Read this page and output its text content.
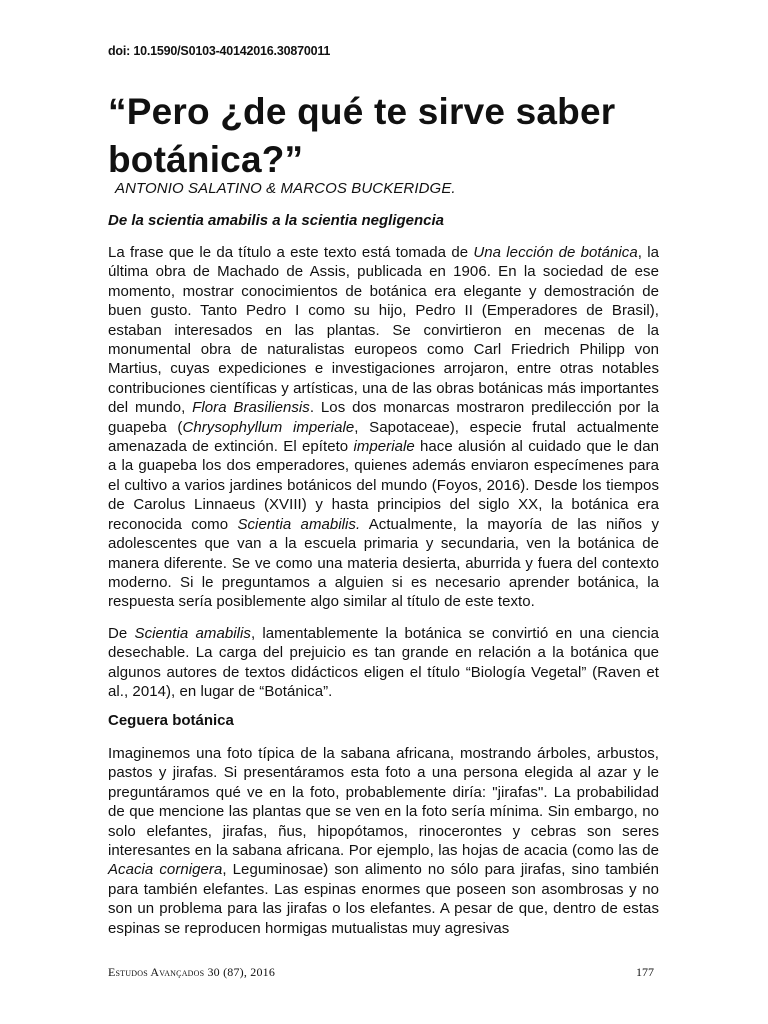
doi: 10.1590/S0103-40142016.30870011
“Pero ¿de qué te sirve saber botánica?”
ANTONIO SALATINO & MARCOS BUCKERIDGE.
De la scientia amabilis a la scientia negligencia

La frase que le da título a este texto está tomada de Una lección de botánica, la última obra de Machado de Assis, publicada en 1906. En la sociedad de ese momento, mostrar conocimientos de botánica era elegante y demostración de buen gusto. Tanto Pedro I como su hijo, Pedro II (Emperadores de Brasil), estaban interesados en las plantas. Se convirtieron en mecenas de la monumental obra de naturalistas europeos como Carl Friedrich Philipp von Martius, cuyas expediciones e investigaciones arrojaron, entre otras notables contribuciones científicas y artísticas, una de las obras botánicas más importantes del mundo, Flora Brasiliensis. Los dos monarcas mostraron predilección por la guapeba (Chrysophyllum imperiale, Sapotaceae), especie frutal actualmente amenazada de extinción. El epíteto imperiale hace alusión al cuidado que le dan a la guapeba los dos emperadores, quienes además enviaron especímenes para el cultivo a varios jardines botánicos del mundo (Foyos, 2016). Desde los tiempos de Carolus Linnaeus (XVIII) y hasta principios del siglo XX, la botánica era reconocida como Scientia amabilis. Actualmente, la mayoría de las niños y adolescentes que van a la escuela primaria y secundaria, ven la botánica de manera diferente. Se ve como una materia desierta, aburrida y fuera del contexto moderno. Si le preguntamos a alguien si es necesario aprender botánica, la respuesta sería posiblemente algo similar al título de este texto.

De Scientia amabilis, lamentablemente la botánica se convirtió en una ciencia desechable. La carga del prejuicio es tan grande en relación a la botánica que algunos autores de textos didácticos eligen el título “Biología Vegetal” (Raven et al., 2014), en lugar de “Botánica”.

Ceguera botánica

Imaginemos una foto típica de la sabana africana, mostrando árboles, arbustos, pastos y jirafas. Si presentáramos esta foto a una persona elegida al azar y le preguntáramos qué ve en la foto, probablemente diría: "jirafas". La probabilidad de que mencione las plantas que se ven en la foto sería mínima. Sin embargo, no solo elefantes, jirafas, ñus, hipopótamos, rinocerontes y cebras son seres interesantes en la sabana africana. Por ejemplo, las hojas de acacia (como las de Acacia cornigera, Leguminosae) son alimento no sólo para jirafas, sino también para también elefantes. Las espinas enormes que poseen son asombrosas y no son un problema para las jirafas o los elefantes. A pesar de que, dentro de estas espinas se reproducen hormigas mutualistas muy agresivas

Estudos Avançados 30 (87), 2016	177
